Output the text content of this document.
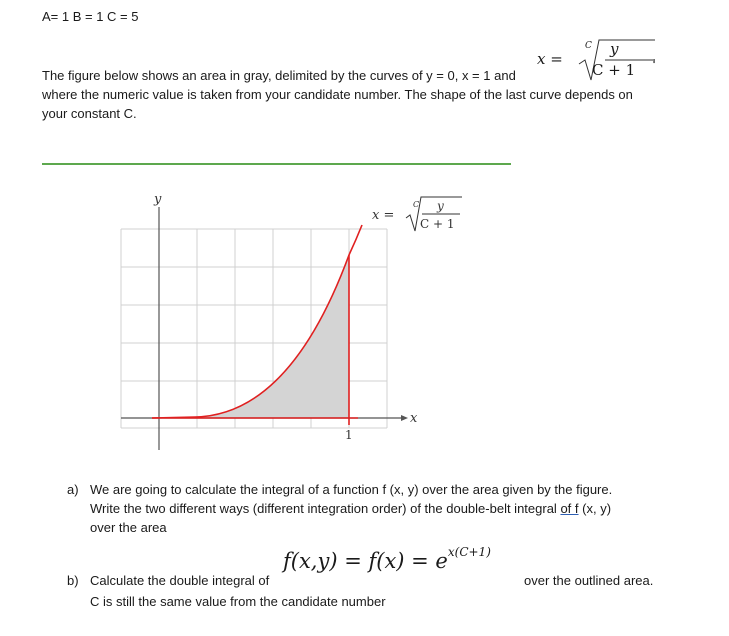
A= 1 B = 1 C = 5
x =
C y
C + 1 '
The figure below shows an area in gray, delimited by the curves of y = 0, x = 1 and
where the numeric value is taken from your candidate number. The shape of the last curve depends on
your constant C.
y
x
1
x =
C y
C + 1
a) We are going to calculate the integral of a function f (x, y) over the area given by the figure.
Write the two different ways (different integration order) of the double-belt integral of f (x, y)
over the area
$f(x,y) = f(x) = e^{x(C+1)}$
b) Calculate the double integral of	over the outlined area.
C is still the same value from the candidate number
